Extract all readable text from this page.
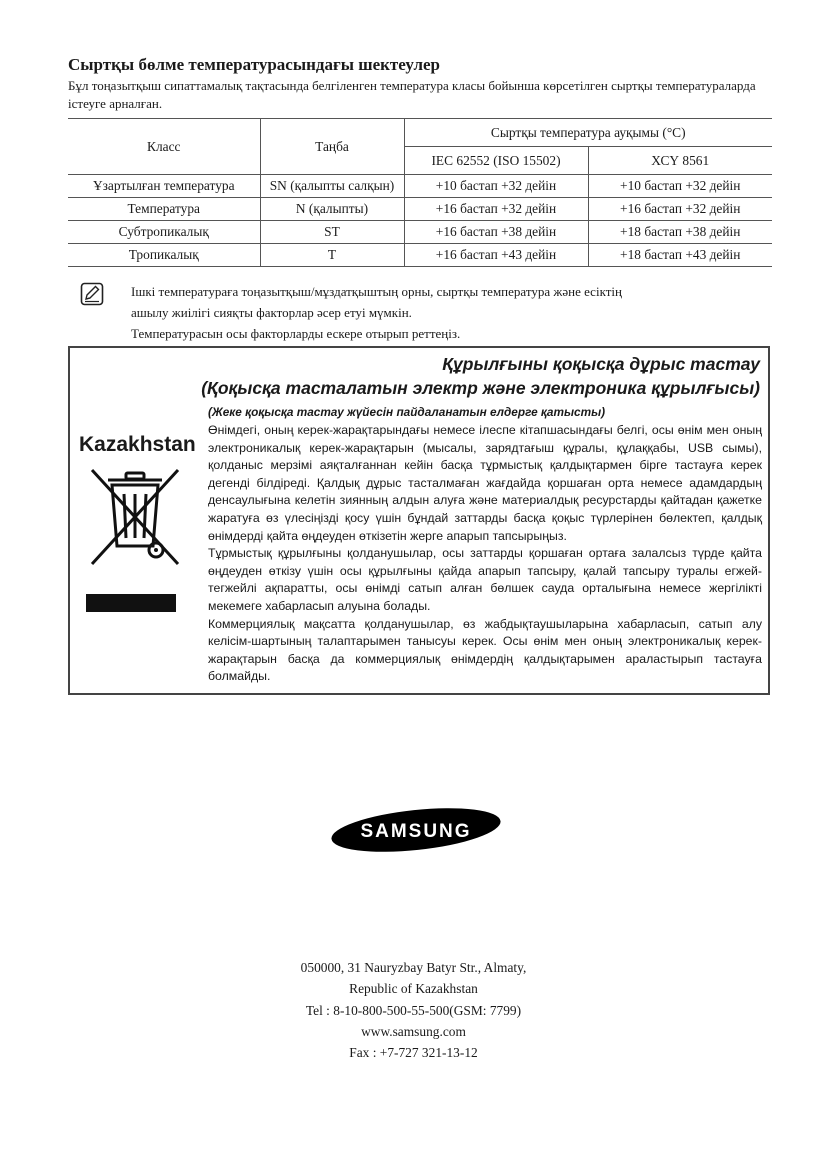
Сыртқы бөлме температурасындағы шектеулер
Бұл тоңазытқыш сипаттамалық тақтасында белгіленген температура класы бойынша көрсетілген сыртқы температураларда істеуге арналған.
Класс	Таңба	Сыртқы температура ауқымы (°C)	
		IEC 62552 (ISO 15502)	ХСҮ 8561
Ұзартылған температура	SN (қалыпты салқын)	+10 бастап +32 дейін	+10 бастап +32 дейін
Температура	N (қалыпты)	+16 бастап +32 дейін	+16 бастап +32 дейін
Субтропикалық	ST	+16 бастап +38 дейін	+18 бастап +38 дейін
Тропикалық	T	+16 бастап +43 дейін	+18 бастап +43 дейін
Ішкі температураға тоңазытқыш/мұздатқыштың орны, сыртқы температура және есіктің
ашылу жиілігі сияқты факторлар әсер етуі мүмкін.
Температурасын осы факторларды ескере отырып реттеңіз.
Құрылғыны қоқысқа дұрыс тастау
(Қоқысқа тасталатын электр және электроника құрылғысы)
(Жеке қоқысқа тастау жүйесін пайдаланатын елдерге қатысты)

Өнімдегі, оның керек-жарақтарындағы немесе ілеспе кітапшасындағы белгі, осы өнім мен оның электроникалық керек-жарақтарын (мысалы, зарядтағыш құралы, құлаққабы, USB сымы), қолданыс мерзімі аяқталғаннан кейін басқа тұрмыстық қалдықтармен бірге тастауға керек дегенді білдіреді. Қалдық дұрыс тасталмаған жағдайда қоршаған орта немесе адамдардың денсаулығына келетін зиянның алдын алуға және материалдық ресурстарды қайтадан қажетке жаратуға өз үлесіңізді қосу үшін бұндай заттарды басқа қоқыс түрлерінен бөлектеп, қалдық өнімдерді қайта өңдеуден өткізетін жерге апарып тапсырыңыз.

Тұрмыстық құрылғыны қолданушылар, осы заттарды қоршаған ортаға залалсыз түрде қайта өңдеуден өткізу үшін осы құрылғыны қайда апарып тапсыру, қалай тапсыру туралы егжей-тегжейлі ақпаратты, осы өнімді сатып алған бөлшек сауда орталығына немесе жергілікті мекемеге хабарласып алуына болады.

Коммерциялық мақсатта қолданушылар, өз жабдықтаушыларына хабарласып, сатып алу келісім-шартының талаптарымен танысуы керек. Осы өнім мен оның электроникалық керек-жарақтарын басқа да коммерциялық өнімдердің қалдықтарымен араластырып тастауға болмайды.

Kazakhstan
SAMSUNG
050000, 31 Nauryzbay Batyr Str., Almaty,
Republic of Kazakhstan
Tel : 8-10-800-500-55-500(GSM: 7799)
www.samsung.com
Fax : +7-727 321-13-12
